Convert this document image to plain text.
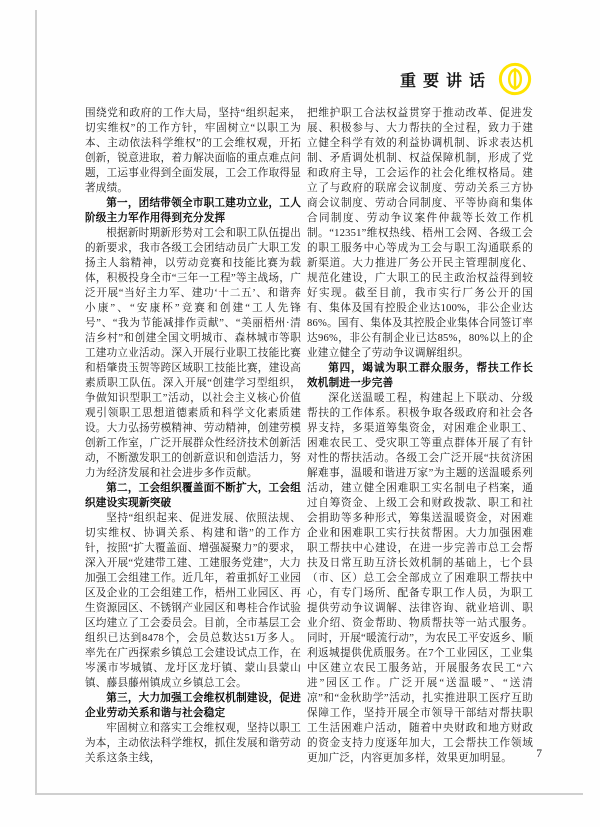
重要讲话

围绕党和政府的工作大局，坚持“组织起来，切实维权”的工作方针，牢固树立“以职工为本、主动依法科学维权”的工会维权观，开拓创新，锐意进取，着力解决面临的重点难点问题，工运事业得到全面发展，工会工作取得显著成绩。

第一，团结带领全市职工建功立业，工人阶级主力军作用得到充分发挥

根据新时期新形势对工会和职工队伍提出的新要求，我市各级工会团结动员广大职工发扬主人翁精神，以劳动竞赛和技能比赛为载体，积极投身全市“三年一工程”等主战场，广泛开展“当好主力军、建功‘十二五’、和谐奔小康”、“安康杯”竞赛和创建“工人先锋号”、“我为节能减排作贡献”、“美丽梧州·清洁乡村”和创建全国文明城市、森林城市等职工建功立业活动。深入开展行业职工技能比赛和梧肇贵玉贺等跨区域职工技能比赛，建设高素质职工队伍。深入开展“创建学习型组织，争做知识型职工”活动，以社会主义核心价值观引领职工思想道德素质和科学文化素质建设。大力弘扬劳模精神、劳动精神，创建劳模创新工作室，广泛开展群众性经济技术创新活动，不断激发职工的创新意识和创造活力，努力为经济发展和社会进步多作贡献。

第二，工会组织覆盖面不断扩大，工会组织建设实现新突破

坚持“组织起来、促进发展、依照法规、切实维权、协调关系、构建和谐”的工作方针，按照“扩大覆盖面、增强凝聚力”的要求，深入开展“党建带工建、工建服务党建”，大力加强工会组建工作。近几年，着重抓好工业园区及企业的工会组建工作，梧州工业园区、再生资源园区、不锈钢产业园区和粤桂合作试验区均建立了工会委员会。目前，全市基层工会组织已达到8478个，会员总数达51万多人。率先在广西探索乡镇总工会建设试点工作，在岑溪市岑城镇、龙圩区龙圩镇、蒙山县蒙山镇、藤县藤州镇成立乡镇总工会。

第三，大力加强工会维权机制建设，促进企业劳动关系和谐与社会稳定

牢固树立和落实工会维权观，坚持以职工为本，主动依法科学维权，抓住发展和谐劳动关系这条主线，

把维护职工合法权益贯穿于推动改革、促进发展、积极参与、大力帮扶的全过程，致力于建立健全科学有效的利益协调机制、诉求表达机制、矛盾调处机制、权益保障机制，形成了党和政府主导，工会运作的社会化维权格局。建立了与政府的联席会议制度、劳动关系三方协商会议制度、劳动合同制度、平等协商和集体合同制度、劳动争议案件仲裁等长效工作机制。“12351”维权热线、梧州工会网、各级工会的职工服务中心等成为工会与职工沟通联系的新渠道。大力推进厂务公开民主管理制度化、规范化建设，广大职工的民主政治权益得到较好实现。截至目前，我市实行厂务公开的国有、集体及国有控股企业达100%，非公企业达86%。国有、集体及其控股企业集体合同签订率达96%，非公有制企业已达85%，80%以上的企业建立健全了劳动争议调解组织。

第四，竭诚为职工群众服务，帮扶工作长效机制进一步完善

深化送温暖工程，构建起上下联动、分级帮扶的工作体系。积极争取各级政府和社会各界支持，多渠道筹集资金，对困难企业职工、困难农民工、受灾职工等重点群体开展了有针对性的帮扶活动。各级工会广泛开展“扶贫济困解难事，温暖和谐进万家”为主题的送温暖系列活动，建立健全困难职工实名制电子档案，通过自筹资金、上级工会和财政拨款、职工和社会捐助等多种形式，筹集送温暖资金，对困难企业和困难职工实行扶贫帮困。大力加强困难职工帮扶中心建设，在进一步完善市总工会帮扶及日常互助互济长效机制的基础上，七个县（市、区）总工会全部成立了困难职工帮扶中心，有专门场所、配备专职工作人员，为职工提供劳动争议调解、法律咨询、就业培训、职业介绍、资金帮助、物质帮扶等一站式服务。同时，开展“暖流行动”，为农民工平安返乡、顺利返城提供优质服务。在7个工业园区，工业集中区建立农民工服务站，开展服务农民工“六进”园区工作。广泛开展“送温暖”、“送清凉”和“金秋助学”活动，扎实推进职工医疗互助保障工作，坚持开展全市领导干部结对帮扶职工生活困难户活动，随着中央财政和地方财政的资金支持力度逐年加大，工会帮扶工作领域更加广泛，内容更加多样，效果更加明显。	7
